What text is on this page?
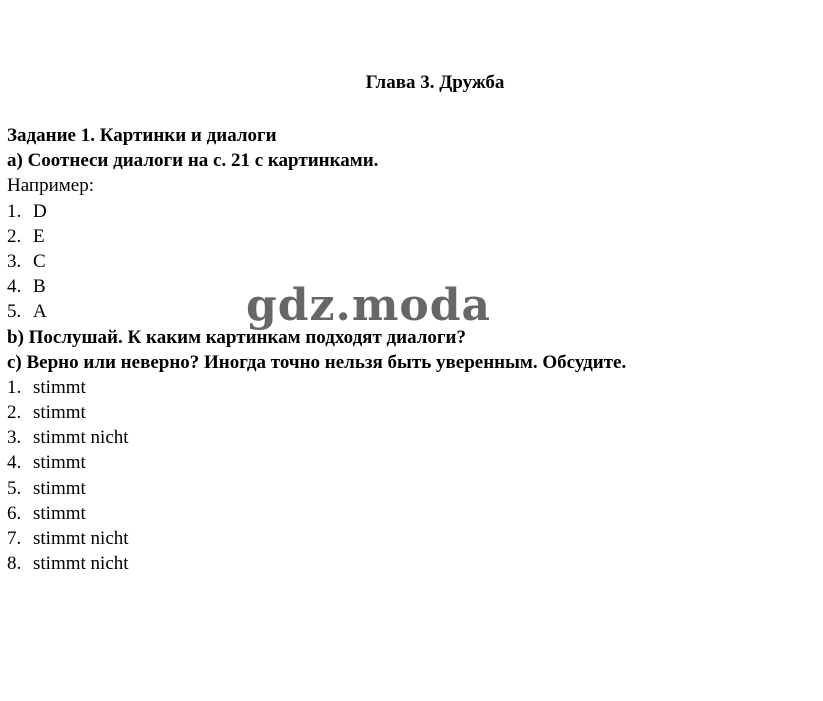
Глава 3. Дружба
Задание 1. Картинки и диалоги
а) Соотнеси диалоги на с. 21 с картинками.
Например:
1. D
2. E
3. C
4. B
5. A
b) Послушай. К каким картинкам подходят диалоги?
c) Верно или неверно? Иногда точно нельзя быть уверенным. Обсудите.
1. stimmt
2. stimmt
3. stimmt nicht
4. stimmt
5. stimmt
6. stimmt
7. stimmt nicht
8. stimmt nicht
gdz.moda
